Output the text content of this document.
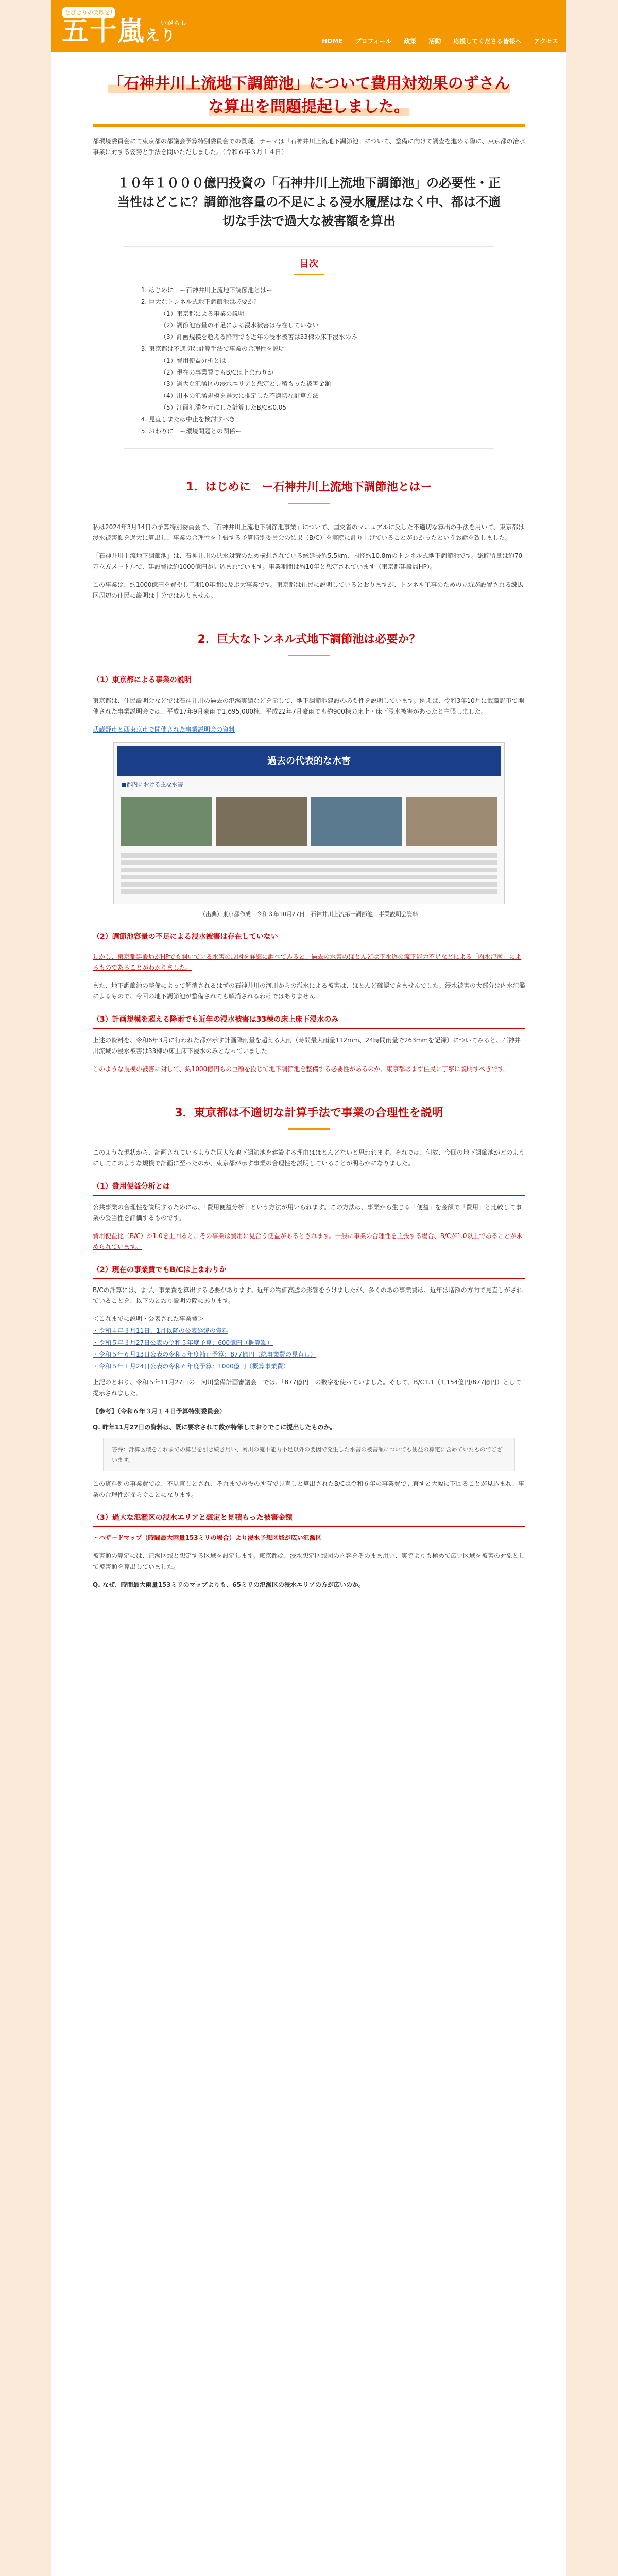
とびきりの笑顔を!
五十嵐えり$^{いがらし}$
HOME プロフィール 政策 活動 応援してくださる皆様へ アクセス
「石神井川上流地下調節池」について費用対効果のずさん
な算出を問題提起しました。

都環境委員会にて東京都の都議会予算特別委員会での質疑。テーマは「石神井川上流地下調節池」について、整備に向けて調査を進める際に、東京都の治水事業に対する姿勢と手法を問いただしました。（令和６年３月１４日）

１０年１０００億円投資の「石神井川上流地下調節池」の必要性・正当性はどこに？調節池容量の不足による浸水履歴はなく中、都は不適切な手法で過大な被害額を算出
目次
1. はじめに　ー石神井川上流地下調節池とはー
2. 巨大なトンネル式地下調節池は必要か？
（1）東京都による事業の説明
（2）調節池容量の不足による浸水被害は存在していない
（3）計画規模を超える降雨でも近年の浸水被害は33棟の床下浸水のみ
3. 東京都は不適切な計算手法で事業の合理性を説明
（1）費用便益分析とは
（2）現在の事業費でもB/Cは上まわりか
（3）過大な氾濫区の浸水エリアと想定と見積もった被害金額
（4）川本の氾濫規模を過大に推定した不適切な計算方法
（5）江面氾濫を元にした計算したB/C≦0.05
4. 見直しまたは中止を検討すべき
5. おわりに　ー環境問題との関係ー
1．はじめに　ー石神井川上流地下調節池とはー

私は2024年3月14日の予算特別委員会で、「石神井川上流地下調節池事業」について、国交省のマニュアルに反した不適切な算出の手法を用いて、東京都は浸水被害額を過大に算出し、事業の合理性を主張する予算特別委員会の結果（B/C）を実際に計り上げていることがわかったというお話を致しました。

「石神井川上流地下調節池」は、石神井川の洪水対策のため構想されている総延長約5.5km、内径約10.8mのトンネル式地下調節池です。総貯留量は約70万立方メートルで、建設費は約1000億円が見込まれています。事業期間は約10年と想定されています（東京都建設局HP）。

この事業は、約1000億円を費やし工期10年間に及ぶ大事業です。東京都は住民に説明しているとおりますが、トンネル工事のための立坑が設置される練馬区周辺の住民に説明は十分ではありません。

2．巨大なトンネル式地下調節池は必要か？
（1）東京都による事業の説明

東京都は、住民説明会などでは石神井川の過去の氾濫実績などを示して、地下調節池建設の必要性を説明しています。例えば、令和3年10月に武蔵野市で開催された事業説明会では、平成17年9月豪雨で1,695,000棟、平成22年7月豪雨でも約900棟の床上・床下浸水被害があったと主張しました。

武蔵野市と西東京市で開催された事業説明会の資料

過去の代表的な水害
■都内における主な水害
（出典）東京都作成　令和３年10月27日　石神井川上流第一調節池　事業説明会資料
（2）調節池容量の不足による浸水被害は存在していない

しかし、東京都建設局がHPでも開いている水害の原因を詳細に調べてみると、過去の水害のほとんどは下水道の流下能力不足などによる「内水氾濫」によるものであることがわかりました。

また、地下調節池の整備によって解消されるはずの石神井川の河川からの溢水による被害は、ほとんど確認できませんでした。浸水被害の大部分は内水氾濫によるもので、今回の地下調節池が整備されても解消されるわけではありません。

（3）計画規模を超える降雨でも近年の浸水被害は33棟の床上床下浸水のみ

上述の資料を、令和6年3月に行われた都が示す計画降雨量を超える大雨（時間最大雨量112mm、24時間雨量で263mmを記録）についてみると、石神井川流域の浸水被害は33棟の床上床下浸水のみとなっていました。

このような規模の被害に対して、約1000億円もの巨額を投じて地下調節池を整備する必要性があるのか、東京都はまず住民に丁寧に説明すべきです。

3．東京都は不適切な計算手法で事業の合理性を説明

このような現状から、計画されているような巨大な地下調節池を建設する理由はほとんどないと思われます。それでは、何故、今回の地下調節池がどのようにしてこのような規模で計画に至ったのか、東京都が示す事業の合理性を説明していることが明らかになりました。

（1）費用便益分析とは

公共事業の合理性を説明するためには、「費用便益分析」という方法が用いられます。この方法は、事業から生じる「便益」を金額で「費用」と比較して事業の妥当性を評価するものです。

費用便益比（B/C）が1.0を上回ると、その事業は費用に見合う便益があるとされます。一般に事業の合理性を主張する場合、B/Cが1.0以上であることが求められています。

（2）現在の事業費でもB/Cは上まわりか

B/Cの計算には、まず、事業費を算出する必要があります。近年の物価高騰の影響をうけましたが、多くのあの事業費は、近年は増額の方向で見直しがされていることを、以下のとおり説明の際にあります。

＜これまでに説明・公表された事業費＞
・令和４年３月11日、1月以降の公表経緯の資料
・令和５年３月27日公表の令和５年度予算：600億円（概算額）
・令和５年６月13日公表の令和５年度補正予算：877億円（総事業費の見直し）
・令和６年１月24日公表の令和６年度予算：1000億円（概算事業費）

上記のとおり、令和５年11月27日の「河川整備計画審議会」では、「877億円」の数字を使っていました。そして、B/C1.1（1,154億円/877億円）として提示されました。

【参考】（令和６年３月１４日予算特別委員会）
Q. 昨年11月27日の資料は、既に要求されて数が特筆しておりでこに提出したものか。
答弁：計算区域をこれまでの算出を引き続き用い、河川の流下能力不足以外の要因で発生した水害の被害額についても便益の算定に含めていたものでございます。

この資料例の事業費では、不見直しとされ、それまでの役の所有で見直しと算出されたB/Cは令和６年の事業費で見直すと大幅に下回ることが見込まれ、事業の合理性が揺らぐことになります。

（3）過大な氾濫区の浸水エリアと想定と見積もった被害金額

・ハザードマップ（時間最大雨量153ミリの場合）より浸水予想区域が広い氾濫区

被害額の算定には、氾濫区域と想定する区域を設定します。東京都は、浸水想定区域図の内容をそのまま用い、実際よりも極めて広い区域を被害の対象として被害額を算出していました。

Q. なぜ、時間最大雨量153ミリのマップよりも、65ミリの氾濫区の浸水エリアの方が広いのか。
